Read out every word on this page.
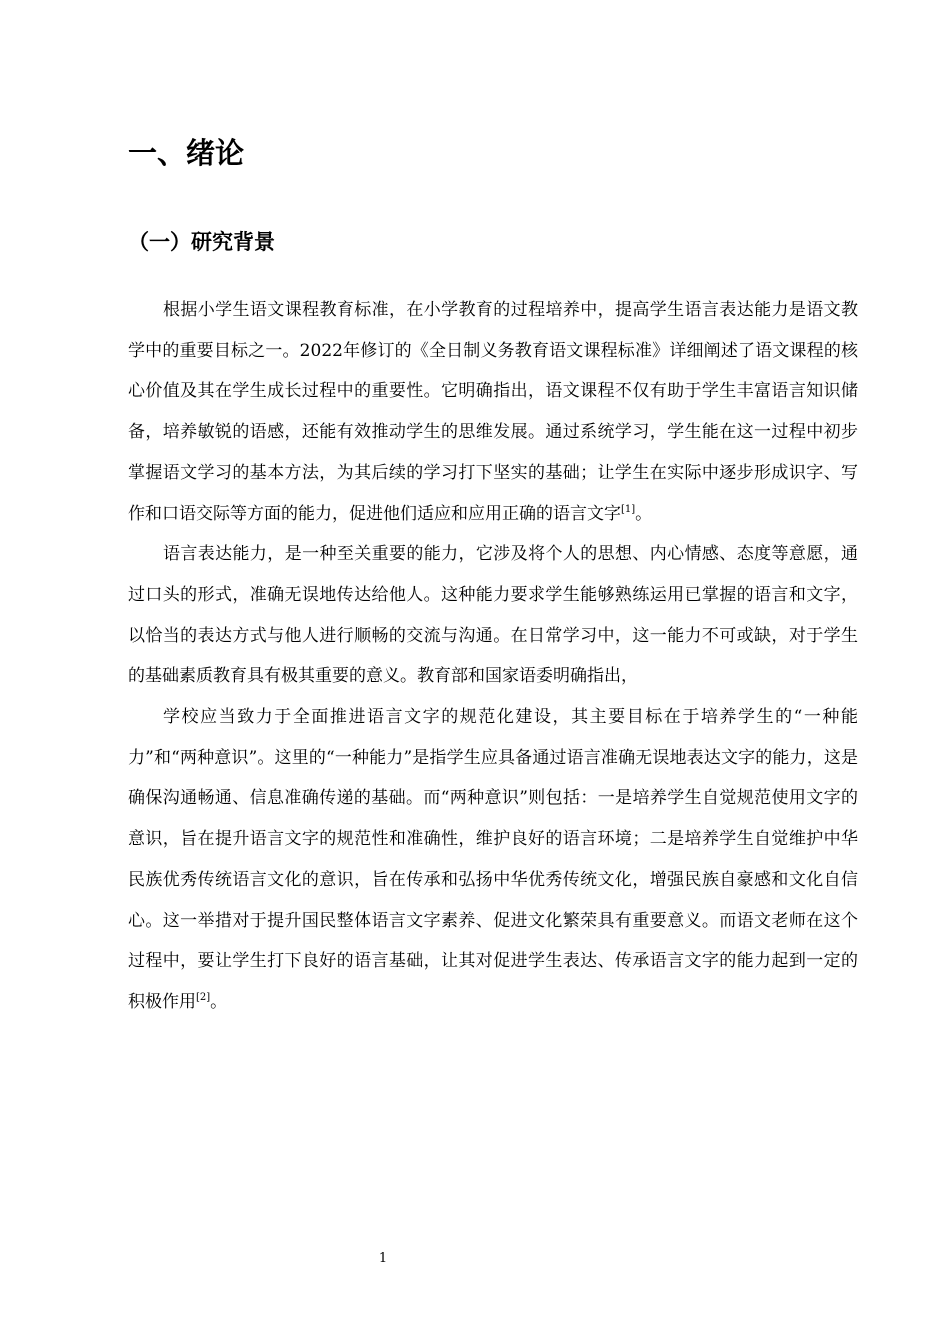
一、绪论
（一）研究背景

根据小学生语文课程教育标准，在小学教育的过程培养中，提高学生语言表达能力是语文教学中的重要目标之一。2022年修订的《全日制义务教育语文课程标准》详细阐述了语文课程的核心价值及其在学生成长过程中的重要性。它明确指出，语文课程不仅有助于学生丰富语言知识储备，培养敏锐的语感，还能有效推动学生的思维发展。通过系统学习，学生能在这一过程中初步掌握语文学习的基本方法，为其后续的学习打下坚实的基础；让学生在实际中逐步形成识字、写作和口语交际等方面的能力，促进他们适应和应用正确的语言文字[1]。

语言表达能力，是一种至关重要的能力，它涉及将个人的思想、内心情感、态度等意愿，通过口头的形式，准确无误地传达给他人。这种能力要求学生能够熟练运用已掌握的语言和文字，以恰当的表达方式与他人进行顺畅的交流与沟通。在日常学习中，这一能力不可或缺，对于学生的基础素质教育具有极其重要的意义。教育部和国家语委明确指出，

学校应当致力于全面推进语言文字的规范化建设，其主要目标在于培养学生的“一种能力”和“两种意识”。这里的“一种能力”是指学生应具备通过语言准确无误地表达文字的能力，这是确保沟通畅通、信息准确传递的基础。而“两种意识”则包括：一是培养学生自觉规范使用文字的意识，旨在提升语言文字的规范性和准确性，维护良好的语言环境；二是培养学生自觉维护中华民族优秀传统语言文化的意识，旨在传承和弘扬中华优秀传统文化，增强民族自豪感和文化自信心。这一举措对于提升国民整体语言文字素养、促进文化繁荣具有重要意义。而语文老师在这个过程中，要让学生打下良好的语言基础，让其对促进学生表达、传承语言文字的能力起到一定的积极作用[2]。

1
